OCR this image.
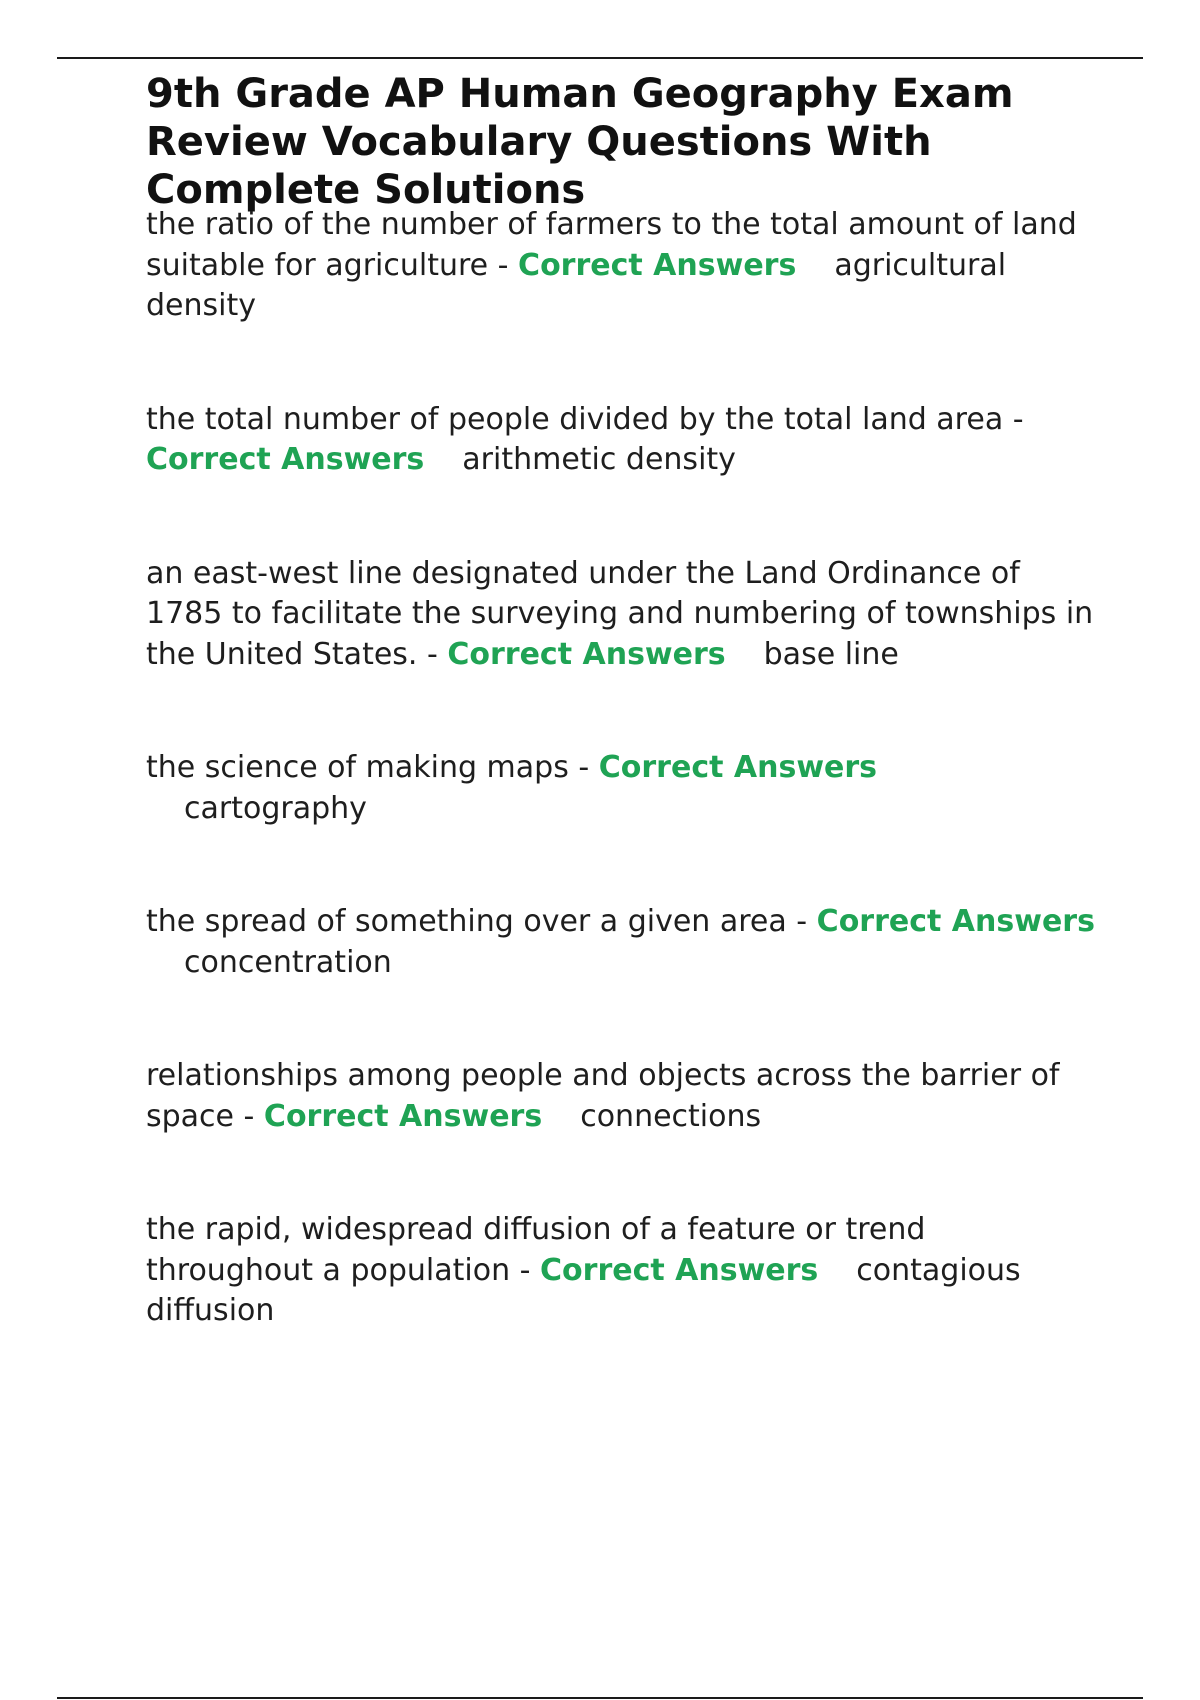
9th Grade AP Human Geography Exam Review Vocabulary Questions With Complete Solutions

the ratio of the number of farmers to the total amount of land suitable for agriculture - Correct Answers agricultural density

the total number of people divided by the total land area - Correct Answers arithmetic density

an east-west line designated under the Land Ordinance of 1785 to facilitate the surveying and numbering of townships in the United States. - Correct Answers base line

the science of making maps - Correct Answers
cartography

the spread of something over a given area - Correct Answersconcentration

relationships among people and objects across the barrier of space - Correct Answers connections

the rapid, widespread diffusion of a feature or trend throughout a population - Correct Answers contagious diffusion
